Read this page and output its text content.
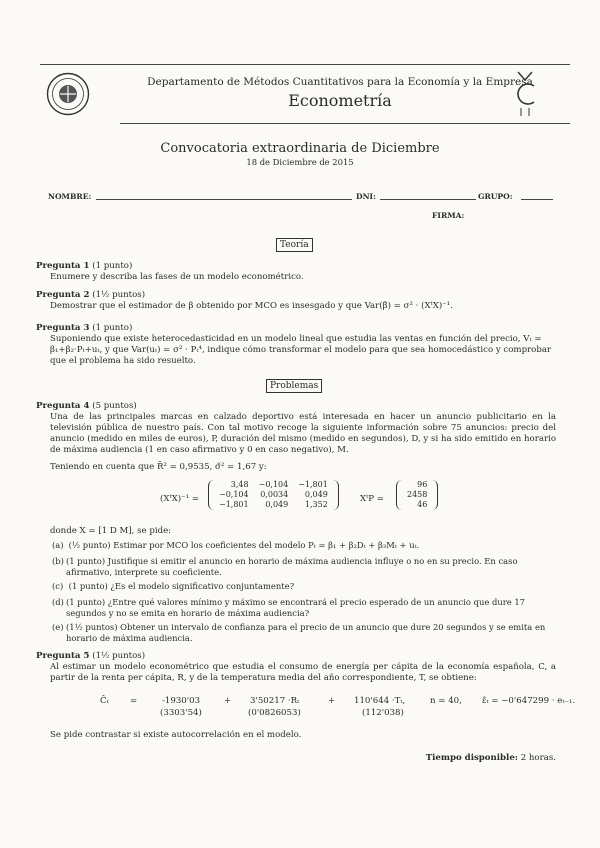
Departamento de Métodos Cuantitativos para la Economía y la Empresa
Econometría
Convocatoria extraordinaria de Diciembre
18 de Diciembre de 2015
NOMBRE:	DNI:	GRUPO:
FIRMA:
Teoría
Pregunta 1 (1 punto)
Enumere y describa las fases de un modelo econométrico.
Pregunta 2 (1½ puntos)
Demostrar que el estimador de β obtenido por MCO es insesgado y que Var(β̂) = σ² · (XᵗX)⁻¹.
Pregunta 3 (1 punto)
Suponiendo que existe heterocedasticidad en un modelo lineal que estudia las ventas en función del precio, Vₜ = β₁+β₂·Pₜ+uₜ, y que Var(uₜ) = σ² · Pₜ⁴, indique cómo transformar el modelo para que sea homocedástico y comprobar que el problema ha sido resuelto.
Problemas
Pregunta 4 (5 puntos)
Una de las principales marcas en calzado deportivo está interesada en hacer un anuncio publicitario en la televisión pública de nuestro país. Con tal motivo recoge la siguiente información sobre 75 anuncios: precio del anuncio (medido en miles de euros), P, duración del mismo (medido en segundos), D, y si ha sido emitido en horario de máxima audiencia (1 en caso afirmativo y 0 en caso negativo), M.
Teniendo en cuenta que R̄² = 0,9535, σ̂² = 1,67 y:
(XᵗX)⁻¹ =
3,48	−0,104	−1,801
−0,104	0,0034	0,049
−1,801	0,049	1,352
XᵗP =
96
2458
46
donde X = [1 D M], se pide:
(a) (½ punto) Estimar por MCO los coeficientes del modelo Pₜ = β₁ + β₂Dₜ + β₃Mₜ + uₜ.
(b) (1 punto) Justifique si emitir el anuncio en horario de máxima audiencia influye o no en su precio. En caso afirmativo, interprete su coeficiente.
(c) (1 punto) ¿Es el modelo significativo conjuntamente?
(d) (1 punto) ¿Entre qué valores mínimo y máximo se encontrará el precio esperado de un anuncio que dure 17 segundos y no se emita en horario de máxima audiencia?
(e) (1½ puntos) Obtener un intervalo de confianza para el precio de un anuncio que dure 20 segundos y se emita en horario de máxima audiencia.
Pregunta 5 (1½ puntos)
Al estimar un modelo econométrico que estudia el consumo de energía per cápita de la economía española, C, a partir de la renta per cápita, R, y de la temperatura media del año correspondiente, T, se obtiene:
Ĉₜ =	-1930'03
(3303'54)
+ 3'50217 ·Rₜ
(0'0826053)
+ 110'644 ·Tₜ,
(112'038)
n = 40, ε̂ₜ = −0'647299 · eₜ₋₁.
Se pide contrastar si existe autocorrelación en el modelo.
Tiempo disponible: 2 horas.
